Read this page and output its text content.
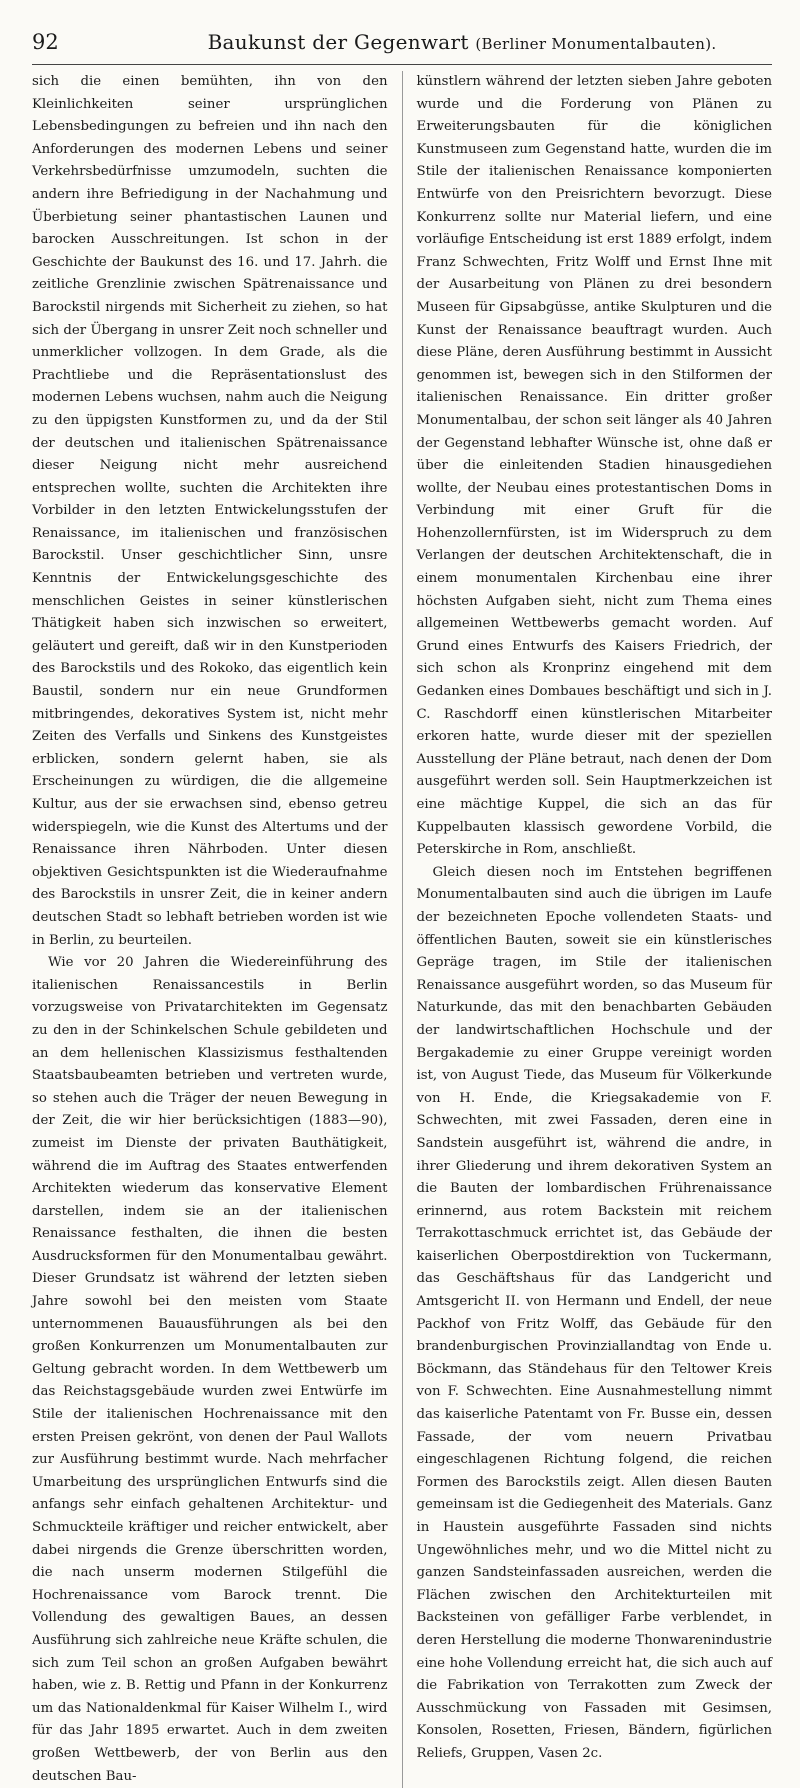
92	Baukunst der Gegenwart (Berliner Monumentalbauten).

sich die einen bemühten, ihn von den Kleinlichkeiten seiner ursprünglichen Lebensbedingungen zu befreien und ihn nach den Anforderungen des modernen Lebens und seiner Verkehrsbedürfnisse umzumodeln, suchten die andern ihre Befriedigung in der Nachahmung und Überbietung seiner phantastischen Launen und barocken Ausschreitungen. Ist schon in der Geschichte der Baukunst des 16. und 17. Jahrh. die zeitliche Grenzlinie zwischen Spätrenaissance und Barockstil nirgends mit Sicherheit zu ziehen, so hat sich der Übergang in unsrer Zeit noch schneller und unmerklicher vollzogen. In dem Grade, als die Prachtliebe und die Repräsentationslust des modernen Lebens wuchsen, nahm auch die Neigung zu den üppigsten Kunstformen zu, und da der Stil der deutschen und italienischen Spätrenaissance dieser Neigung nicht mehr ausreichend entsprechen wollte, suchten die Architekten ihre Vorbilder in den letzten Entwickelungsstufen der Renaissance, im italienischen und französischen Barockstil. Unser geschichtlicher Sinn, unsre Kenntnis der Entwickelungsgeschichte des menschlichen Geistes in seiner künstlerischen Thätigkeit haben sich inzwischen so erweitert, geläutert und gereift, daß wir in den Kunstperioden des Barockstils und des Rokoko, das eigentlich kein Baustil, sondern nur ein neue Grundformen mitbringendes, dekoratives System ist, nicht mehr Zeiten des Verfalls und Sinkens des Kunstgeistes erblicken, sondern gelernt haben, sie als Erscheinungen zu würdigen, die die allgemeine Kultur, aus der sie erwachsen sind, ebenso getreu widerspiegeln, wie die Kunst des Altertums und der Renaissance ihren Nährboden. Unter diesen objektiven Gesichtspunkten ist die Wiederaufnahme des Barockstils in unsrer Zeit, die in keiner andern deutschen Stadt so lebhaft betrieben worden ist wie in Berlin, zu beurteilen.

Wie vor 20 Jahren die Wiedereinführung des italienischen Renaissancestils in Berlin vorzugsweise von Privatarchitekten im Gegensatz zu den in der Schinkelschen Schule gebildeten und an dem hellenischen Klassizismus festhaltenden Staatsbaubeamten betrieben und vertreten wurde, so stehen auch die Träger der neuen Bewegung in der Zeit, die wir hier berücksichtigen (1883—90), zumeist im Dienste der privaten Bauthätigkeit, während die im Auftrag des Staates entwerfenden Architekten wiederum das konservative Element darstellen, indem sie an der italienischen Renaissance festhalten, die ihnen die besten Ausdrucksformen für den Monumentalbau gewährt. Dieser Grundsatz ist während der letzten sieben Jahre sowohl bei den meisten vom Staate unternommenen Bauausführungen als bei den großen Konkurrenzen um Monumentalbauten zur Geltung gebracht worden. In dem Wettbewerb um das Reichstagsgebäude wurden zwei Entwürfe im Stile der italienischen Hochrenaissance mit den ersten Preisen gekrönt, von denen der Paul Wallots zur Ausführung bestimmt wurde. Nach mehrfacher Umarbeitung des ursprünglichen Entwurfs sind die anfangs sehr einfach gehaltenen Architektur- und Schmuckteile kräftiger und reicher entwickelt, aber dabei nirgends die Grenze überschritten worden, die nach unserm modernen Stilgefühl die Hochrenaissance vom Barock trennt. Die Vollendung des gewaltigen Baues, an dessen Ausführung sich zahlreiche neue Kräfte schulen, die sich zum Teil schon an großen Aufgaben bewährt haben, wie z. B. Rettig und Pfann in der Konkurrenz um das Nationaldenkmal für Kaiser Wilhelm I., wird für das Jahr 1895 erwartet. Auch in dem zweiten großen Wettbewerb, der von Berlin aus den deutschen Bau-

künstlern während der letzten sieben Jahre geboten wurde und die Forderung von Plänen zu Erweiterungsbauten für die königlichen Kunstmuseen zum Gegenstand hatte, wurden die im Stile der italienischen Renaissance komponierten Entwürfe von den Preisrichtern bevorzugt. Diese Konkurrenz sollte nur Material liefern, und eine vorläufige Entscheidung ist erst 1889 erfolgt, indem Franz Schwechten, Fritz Wolff und Ernst Ihne mit der Ausarbeitung von Plänen zu drei besondern Museen für Gipsabgüsse, antike Skulpturen und die Kunst der Renaissance beauftragt wurden. Auch diese Pläne, deren Ausführung bestimmt in Aussicht genommen ist, bewegen sich in den Stilformen der italienischen Renaissance. Ein dritter großer Monumentalbau, der schon seit länger als 40 Jahren der Gegenstand lebhafter Wünsche ist, ohne daß er über die einleitenden Stadien hinausgediehen wollte, der Neubau eines protestantischen Doms in Verbindung mit einer Gruft für die Hohenzollernfürsten, ist im Widerspruch zu dem Verlangen der deutschen Architektenschaft, die in einem monumentalen Kirchenbau eine ihrer höchsten Aufgaben sieht, nicht zum Thema eines allgemeinen Wettbewerbs gemacht worden. Auf Grund eines Entwurfs des Kaisers Friedrich, der sich schon als Kronprinz eingehend mit dem Gedanken eines Dombaues beschäftigt und sich in J. C. Raschdorff einen künstlerischen Mitarbeiter erkoren hatte, wurde dieser mit der speziellen Ausstellung der Pläne betraut, nach denen der Dom ausgeführt werden soll. Sein Hauptmerkzeichen ist eine mächtige Kuppel, die sich an das für Kuppelbauten klassisch gewordene Vorbild, die Peterskirche in Rom, anschließt.

Gleich diesen noch im Entstehen begriffenen Monumentalbauten sind auch die übrigen im Laufe der bezeichneten Epoche vollendeten Staats- und öffentlichen Bauten, soweit sie ein künstlerisches Gepräge tragen, im Stile der italienischen Renaissance ausgeführt worden, so das Museum für Naturkunde, das mit den benachbarten Gebäuden der landwirtschaftlichen Hochschule und der Bergakademie zu einer Gruppe vereinigt worden ist, von August Tiede, das Museum für Völkerkunde von H. Ende, die Kriegsakademie von F. Schwechten, mit zwei Fassaden, deren eine in Sandstein ausgeführt ist, während die andre, in ihrer Gliederung und ihrem dekorativen System an die Bauten der lombardischen Frührenaissance erinnernd, aus rotem Backstein mit reichem Terrakottaschmuck errichtet ist, das Gebäude der kaiserlichen Oberpostdirektion von Tuckermann, das Geschäftshaus für das Landgericht und Amtsgericht II. von Hermann und Endell, der neue Packhof von Fritz Wolff, das Gebäude für den brandenburgischen Provinziallandtag von Ende u. Böckmann, das Ständehaus für den Teltower Kreis von F. Schwechten. Eine Ausnahmestellung nimmt das kaiserliche Patentamt von Fr. Busse ein, dessen Fassade, der vom neuern Privatbau eingeschlagenen Richtung folgend, die reichen Formen des Barockstils zeigt. Allen diesen Bauten gemeinsam ist die Gediegenheit des Materials. Ganz in Haustein ausgeführte Fassaden sind nichts Ungewöhnliches mehr, und wo die Mittel nicht zu ganzen Sandsteinfassaden ausreichen, werden die Flächen zwischen den Architekturteilen mit Backsteinen von gefälliger Farbe verblendet, in deren Herstellung die moderne Thonwarenindustrie eine hohe Vollendung erreicht hat, die sich auch auf die Fabrikation von Terrakotten zum Zweck der Ausschmückung von Fassaden mit Gesimsen, Konsolen, Rosetten, Friesen, Bändern, figürlichen Reliefs, Gruppen, Vasen 2c.
